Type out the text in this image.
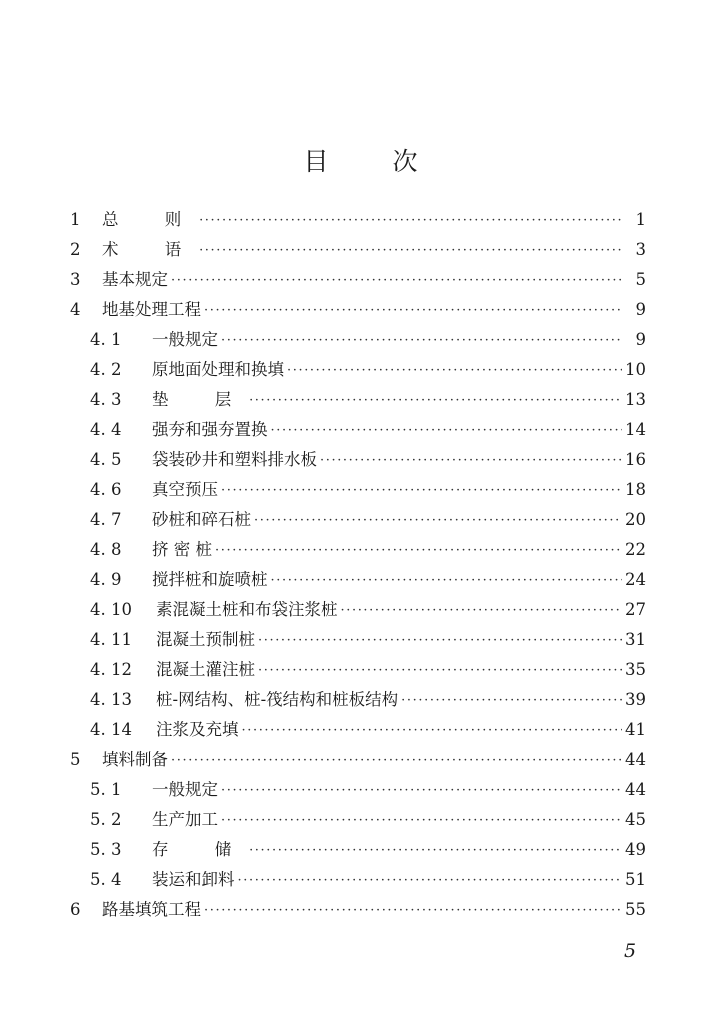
目	次
1	总　则 ·····	1
2	术　语 ·····	3
3	基本规定 ·····	5
4	地基处理工程 ·····	9
4. 1	一般规定 ·····	9
4. 2	原地面处理和换填 ·····	10
4. 3	垫　层 ·····	13
4. 4	强夯和强夯置换 ·····	14
4. 5	袋装砂井和塑料排水板 ·····	16
4. 6	真空预压 ·····	18
4. 7	砂桩和碎石桩 ·····	20
4. 8	挤 密 桩 ·····	22
4. 9	搅拌桩和旋喷桩 ·····	24
4. 10	素混凝土桩和布袋注浆桩 ·····	27
4. 11	混凝土预制桩 ·····	31
4. 12	混凝土灌注桩 ·····	35
4. 13	桩-网结构、桩-筏结构和桩板结构 ·····	39
4. 14	注浆及充填 ·····	41
5	填料制备 ·····	44
5. 1	一般规定 ·····	44
5. 2	生产加工 ·····	45
5. 3	存　储 ·····	49
5. 4	装运和卸料 ·····	51
6	路基填筑工程 ·····	55
5
